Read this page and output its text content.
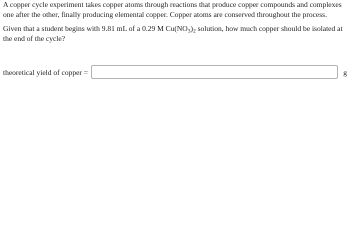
A copper cycle experiment takes copper atoms through reactions that produce copper compounds and complexes one after the other, finally producing elemental copper. Copper atoms are conserved throughout the process.

Given that a student begins with 9.81 mL of a 0.29 M $Cu(NO_3)_2$ solution, how much copper should be isolated at the end of the cycle?

theoretical yield of copper =	g
